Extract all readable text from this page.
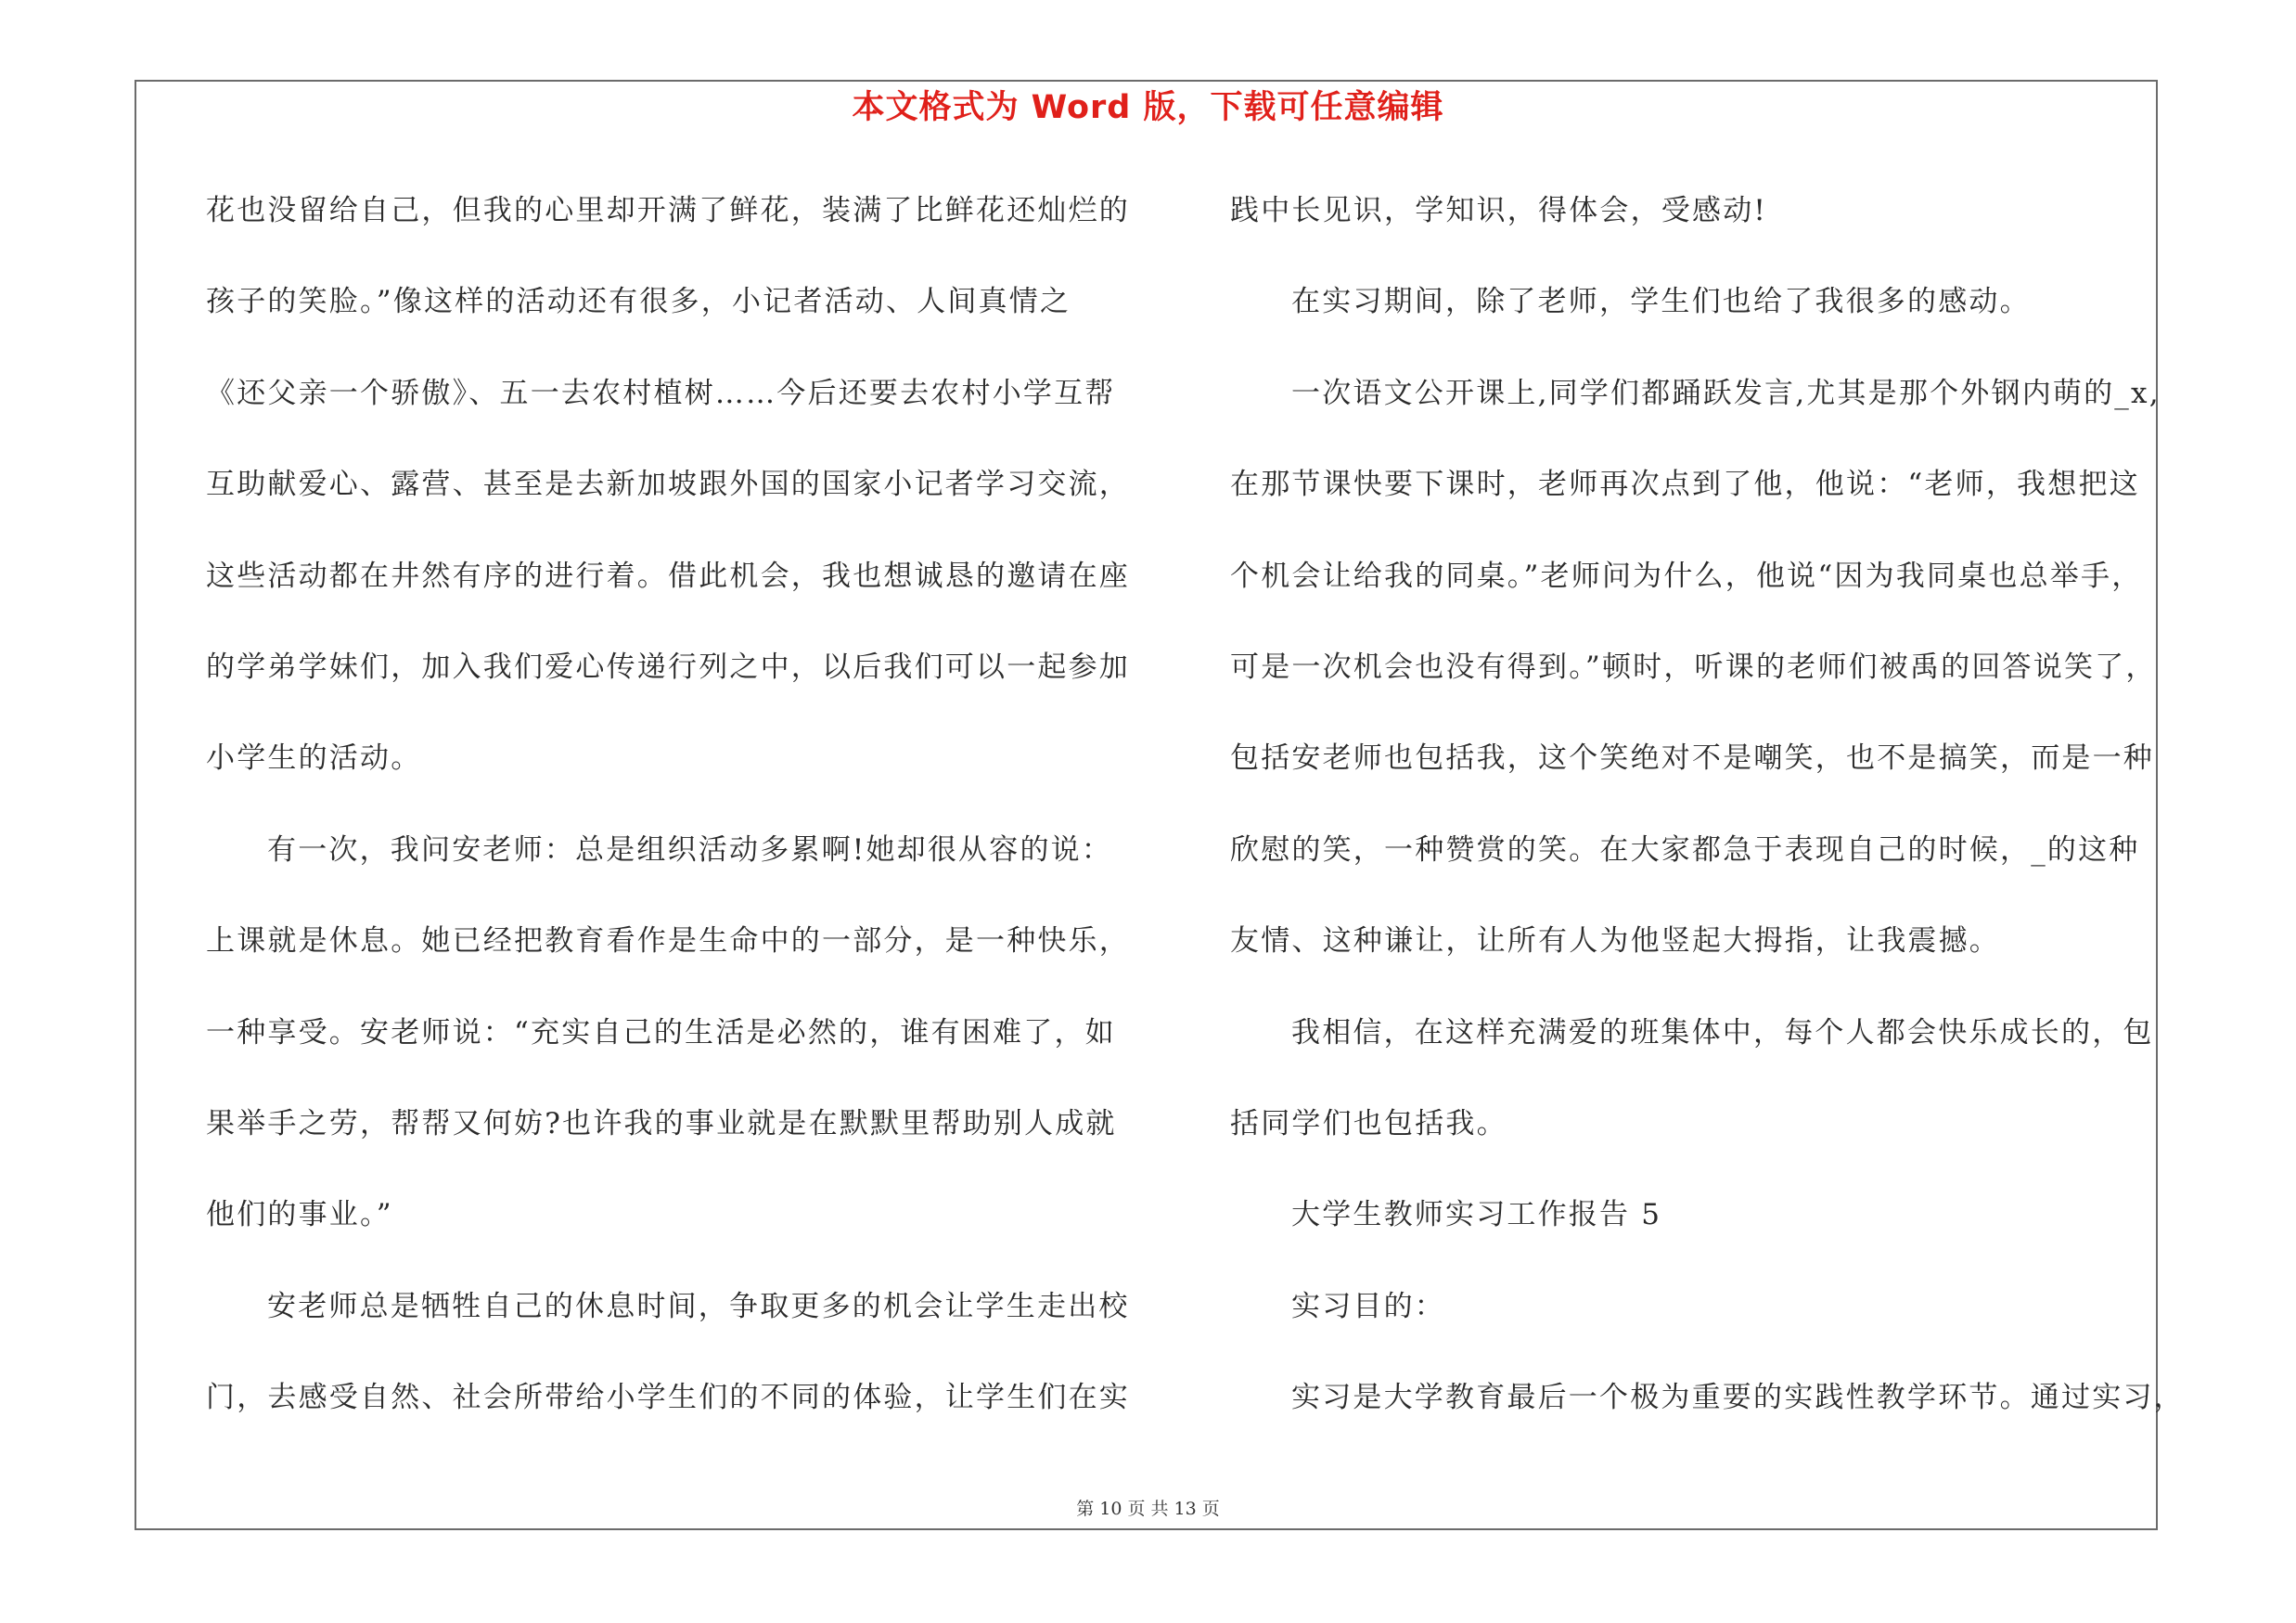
本文格式为 Word 版，下载可任意编辑
花也没留给自己，但我的心里却开满了鲜花，装满了比鲜花还灿烂的
孩子的笑脸。”像这样的活动还有很多，小记者活动、人间真情之
《还父亲一个骄傲》、五一去农村植树……今后还要去农村小学互帮
互助献爱心、露营、甚至是去新加坡跟外国的国家小记者学习交流，
这些活动都在井然有序的进行着。借此机会，我也想诚恳的邀请在座
的学弟学妹们，加入我们爱心传递行列之中，以后我们可以一起参加
小学生的活动。
有一次，我问安老师：总是组织活动多累啊!她却很从容的说：
上课就是休息。她已经把教育看作是生命中的一部分，是一种快乐，
一种享受。安老师说：“充实自己的生活是必然的，谁有困难了，如
果举手之劳，帮帮又何妨?也许我的事业就是在默默里帮助别人成就
他们的事业。”
安老师总是牺牲自己的休息时间，争取更多的机会让学生走出校
门，去感受自然、社会所带给小学生们的不同的体验，让学生们在实
践中长见识，学知识，得体会，受感动!
在实习期间，除了老师，学生们也给了我很多的感动。
一次语文公开课上,同学们都踊跃发言,尤其是那个外钢内萌的_x,
在那节课快要下课时，老师再次点到了他，他说：“老师，我想把这
个机会让给我的同桌。”老师问为什么，他说“因为我同桌也总举手，
可是一次机会也没有得到。”顿时，听课的老师们被禹的回答说笑了，
包括安老师也包括我，这个笑绝对不是嘲笑，也不是搞笑，而是一种
欣慰的笑，一种赞赏的笑。在大家都急于表现自己的时候，_的这种
友情、这种谦让，让所有人为他竖起大拇指，让我震撼。
我相信，在这样充满爱的班集体中，每个人都会快乐成长的，包
括同学们也包括我。
大学生教师实习工作报告 5
实习目的：
实习是大学教育最后一个极为重要的实践性教学环节。通过实习，
第 10 页 共 13 页
